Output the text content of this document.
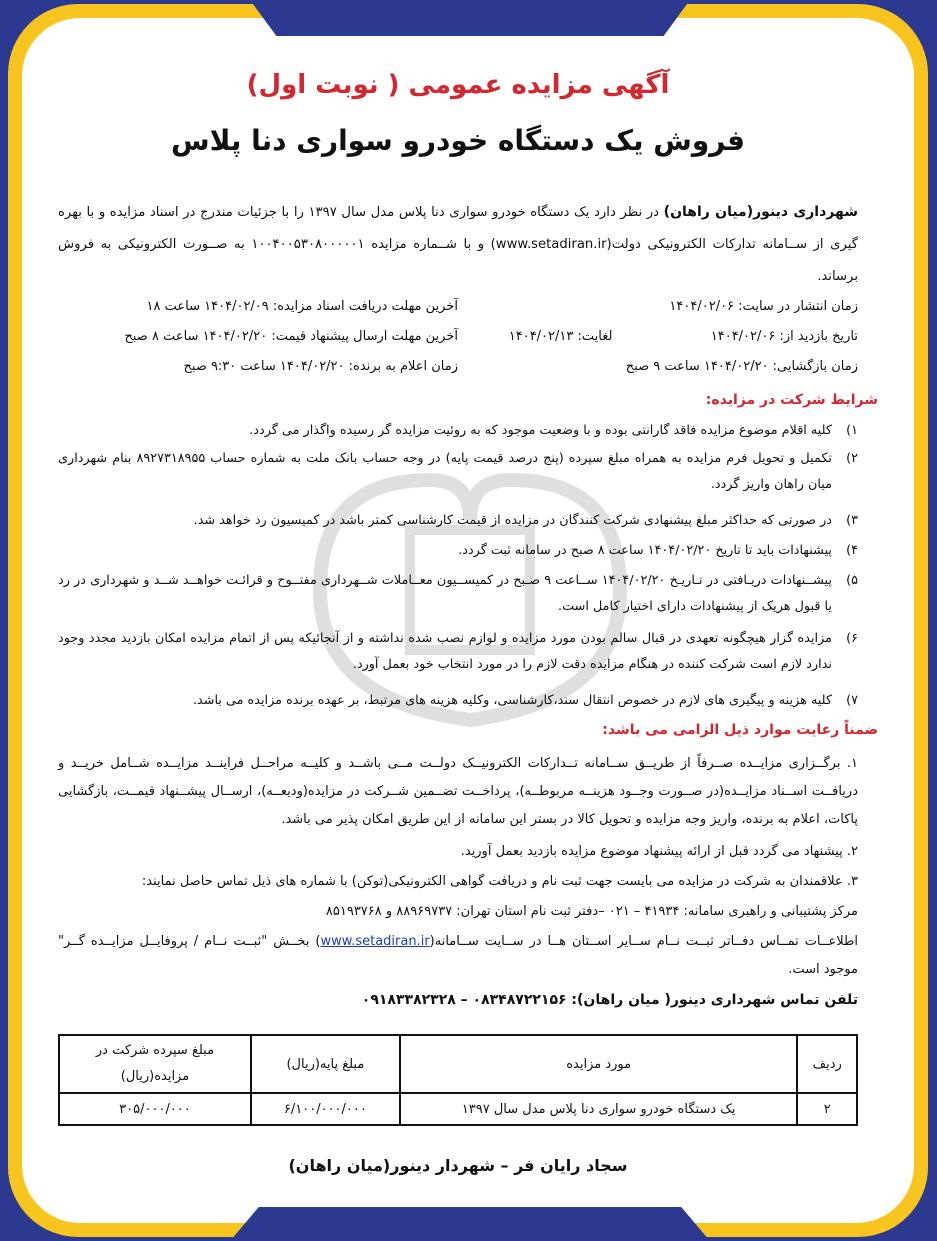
آگهی مزایده عمومی ( نوبت اول)
فروش یک دستگاه خودرو سواری دنا پلاس
شهرداری دینور(میان راهان) در نظر دارد یک دستگاه خودرو سواری دنا پلاس مدل سال ۱۳۹۷ را با جزئیات مندرج در اسناد مزایده و با بهره گیری از ســامانه تدارکات الکترونیکی دولت(www.setadiran.ir) و با شــماره مزایده ۱۰۰۴۰۰۵۳۰۸۰۰۰۰۰۱ به صــورت الکترونیکی به فروش برساند.
زمان انتشار در سایت: ۱۴۰۴/۰۲/۰۶
آخرین مهلت دریافت اسناد مزایده: ۱۴۰۴/۰۲/۰۹ ساعت ۱۸
تاریخ بازدید از: ۱۴۰۴/۰۲/۰۶  لغایت: ۱۴۰۴/۰۲/۱۳
آخرین مهلت ارسال پیشنهاد قیمت: ۱۴۰۴/۰۲/۲۰ ساعت ۸ صبح
زمان بازگشایی: ۱۴۰۴/۰۲/۲۰ ساعت ۹ صبح
زمان اعلام به برنده: ۱۴۰۴/۰۲/۲۰ ساعت ۹:۳۰ صبح
شرایط شرکت در مزایده:
۱)
کلیه اقلام موضوع مزایده فاقد گارانتی بوده و با وضعیت موجود که به روئیت مزایده گر رسیده واگذار می گردد.
۲)
تکمیل و تحویل فرم مزایده به همراه مبلغ سپرده (پنج درصد قیمت پایه) در وجه حساب بانک ملت به شماره حساب ۸۹۲۷۳۱۸۹۵۵ بنام شهرداری میان راهان واریز گردد.
۳)
در صورتی که حداکثر مبلغ پیشنهادی شرکت کنندگان در مزایده از قیمت کارشناسی کمتر باشد در کمیسیون رد خواهد شد.
۴)
پیشنهادات باید تا تاریخ ۱۴۰۴/۰۲/۲۰ ساعت ۸ صبح در سامانه ثبت گردد.
۵)
پیشــنهادات دریـافتی در تـاریـخ ۱۴۰۴/۰۲/۲۰ ســاعت ۹ صـبح در کمیســیون معــاملات شــهرداری مفتــوح و قرائـت خواهــد شــد و شهرداری در رد یا قبول هریک از پیشنهادات دارای اختیار کامل است.
۶)
مزایده گزار هیچگونه تعهدی در قبال سالم بودن مورد مزایده و لوازم نصب شده نداشته و از آنجائیکه پس از اتمام مزایده امکان بازدید مجدد وجود ندارد لازم است شرکت کننده در هنگام مزایده دقت لازم را در مورد انتخاب خود بعمل آورد.
۷)
کلیه هزینه و پیگیری های لازم در خصوص انتقال سند،کارشناسی، وکلیه هزینه های مرتبط، بر عهده برنده مزایده می باشد.
ضمناً رعایت موارد ذیل الزامی می باشد:
۱. برگــزاری مزایــده صــرفاً از طریــق ســامانه تــدارکات الکترونیــک دولــت مــی باشــد و کلیــه مراحــل فراینــد مزایــده شــامل خریــد و دریافــت اســناد مزایــده(در صــورت وجــود هزینــه مربوطــه)، پرداخــت تضــمین شــرکت در مزایده(ودیعــه)، ارســال پیشــنهاد قیمــت، بازگشایی پاکات، اعلام به برنده، واریز وجه مزایده و تحویل کالا در بستر این سامانه از این طریق امکان پذیر می باشد.
۲. پیشنهاد می گردد قبل از ارائه پیشنهاد موضوع مزایده بازدید بعمل آورید.
۳. علاقمندان به شرکت در مزایده می بایست جهت ثبت نام و دریافت گواهی الکترونیکی(توکن) با شماره های ذیل تماس حاصل نمایند:
مرکز پشتیبانی و راهبری سامانه: ۴۱۹۳۴ – ۰۲۱ –دفتر ثبت نام استان تهران: ۸۸۹۶۹۷۳۷ و ۸۵۱۹۳۷۶۸
اطلاعــات تمــاس دفــاتر ثبــت نــام ســایر اســتان هــا در ســایت ســامانه(www.setadiran.ir) بخــش "ثبــت نــام / پروفایــل مزایــده گــر" موجود است.
تلفن تماس شهرداری دینور( میان راهان): ۰۸۳۴۸۷۲۲۱۵۶ – ۰۹۱۸۳۳۸۲۳۲۸
ردیف	مورد مزایده	مبلغ پایه(ریال)	مبلغ سپرده شرکت در مزایده(ریال)
۲	یک دستگاه خودرو سواری دنا پلاس مدل سال ۱۳۹۷	۶/۱۰۰/۰۰۰/۰۰۰	۳۰۵/۰۰۰/۰۰۰
سجاد رایان فر – شهردار دینور(میان راهان)
